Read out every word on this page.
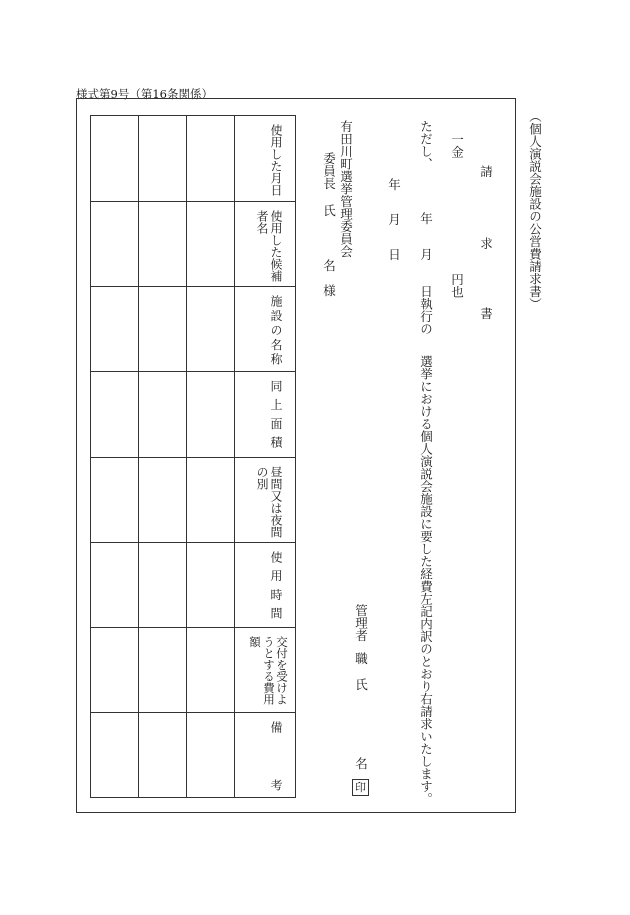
様式第9号（第16条関係）
（個人演説会施設の公営費請求書）
請
求
書
一金
円也
ただし、
年
月
日執行の
選挙における個人演説会施設に要した経費左記内訳のとおり右請求いたします。
年
月
日
有田川町選挙管理委員会
委員長
氏
名
様
管理者
職
氏
名
印

			使用した月日

			使用した候補
者名

			施設の名称

			同上面積

			昼間又は夜間
の別

			使用時間

			交付を受けよ
うとする費用
額

			備
考
